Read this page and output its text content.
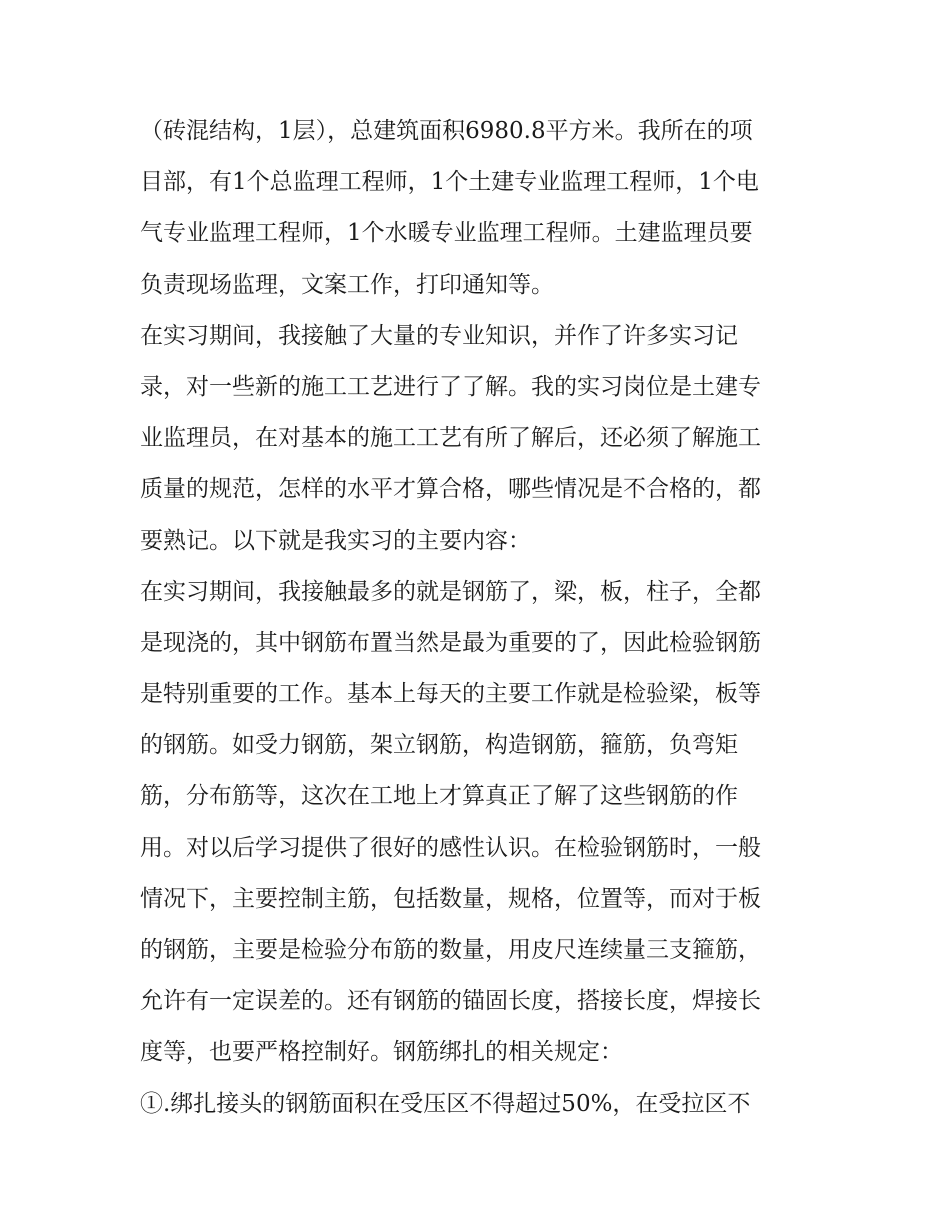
（砖混结构，1层），总建筑面积6980.8平方米。我所在的项
目部，有1个总监理工程师，1个土建专业监理工程师，1个电
气专业监理工程师，1个水暖专业监理工程师。土建监理员要
负责现场监理，文案工作，打印通知等。
在实习期间，我接触了大量的专业知识，并作了许多实习记
录，对一些新的施工工艺进行了了解。我的实习岗位是土建专
业监理员，在对基本的施工工艺有所了解后，还必须了解施工
质量的规范，怎样的水平才算合格，哪些情况是不合格的，都
要熟记。以下就是我实习的主要内容：
在实习期间，我接触最多的就是钢筋了，梁，板，柱子，全都
是现浇的，其中钢筋布置当然是最为重要的了，因此检验钢筋
是特别重要的工作。基本上每天的主要工作就是检验梁，板等
的钢筋。如受力钢筋，架立钢筋，构造钢筋，箍筋，负弯矩
筋，分布筋等，这次在工地上才算真正了解了这些钢筋的作
用。对以后学习提供了很好的感性认识。在检验钢筋时，一般
情况下，主要控制主筋，包括数量，规格，位置等，而对于板
的钢筋，主要是检验分布筋的数量，用皮尺连续量三支箍筋，
允许有一定误差的。还有钢筋的锚固长度，搭接长度，焊接长
度等，也要严格控制好。钢筋绑扎的相关规定：
①.绑扎接头的钢筋面积在受压区不得超过50%，在受拉区不
